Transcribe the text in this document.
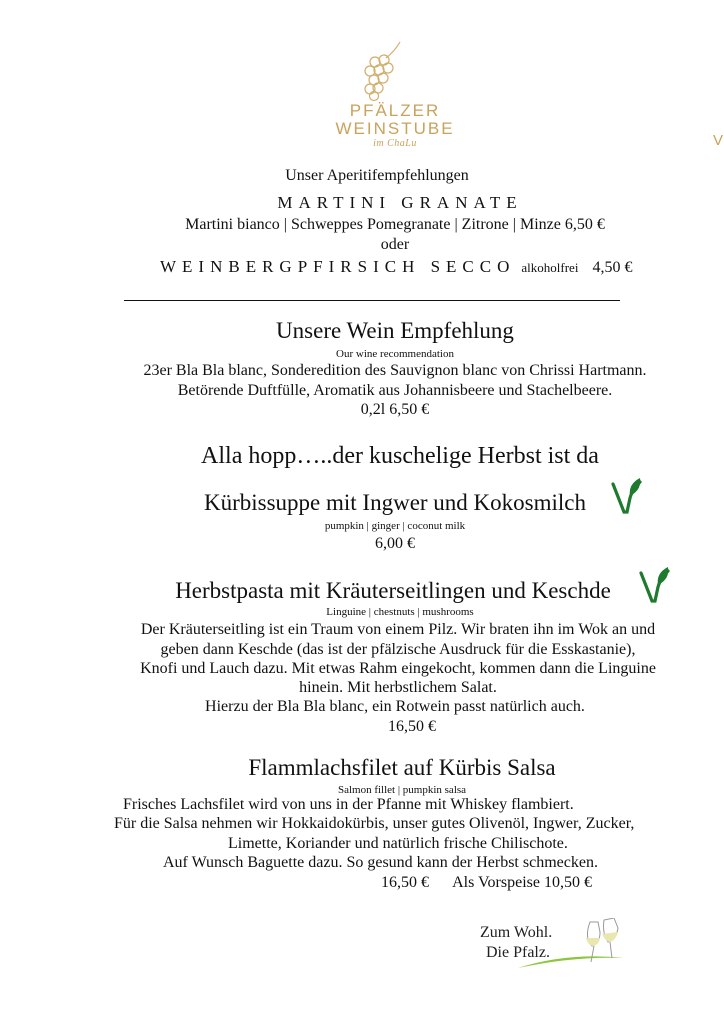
PFÄLZER
WEINSTUBE
im ChaLu	V
Unser Aperitifempfehlungen
MARTINI GRANATE
Martini bianco | Schweppes Pomegranate | Zitrone | Minze 6,50 €
oder
WEINBERGPFIRSICH SECCO alkoholfrei 4,50 €
Unsere Wein Empfehlung
Our wine recommendation
23er Bla Bla blanc, Sonderedition des Sauvignon blanc von Chrissi Hartmann.
Betörende Duftfülle, Aromatik aus Johannisbeere und Stachelbeere.
0,2l 6,50 €
Alla hopp…..der kuschelige Herbst ist da
Kürbissuppe mit Ingwer und Kokosmilch
pumpkin | ginger | coconut milk
6,00 €
Herbstpasta mit Kräuterseitlingen und Keschde
Linguine | chestnuts | mushrooms
Der Kräuterseitling ist ein Traum von einem Pilz. Wir braten ihn im Wok an und
geben dann Keschde (das ist der pfälzische Ausdruck für die Esskastanie),
Knofi und Lauch dazu. Mit etwas Rahm eingekocht, kommen dann die Linguine
hinein. Mit herbstlichem Salat.
Hierzu der Bla Bla blanc, ein Rotwein passt natürlich auch.
16,50 €
Flammlachsfilet auf Kürbis Salsa
Salmon fillet | pumpkin salsa
Frisches Lachsfilet wird von uns in der Pfanne mit Whiskey flambiert.
Für die Salsa nehmen wir Hokkaidokürbis, unser gutes Olivenöl, Ingwer, Zucker,
Limette, Koriander und natürlich frische Chilischote.
Auf Wunsch Baguette dazu. So gesund kann der Herbst schmecken.
16,50 €      Als Vorspeise 10,50 €
Zum Wohl.
Die Pfalz.
